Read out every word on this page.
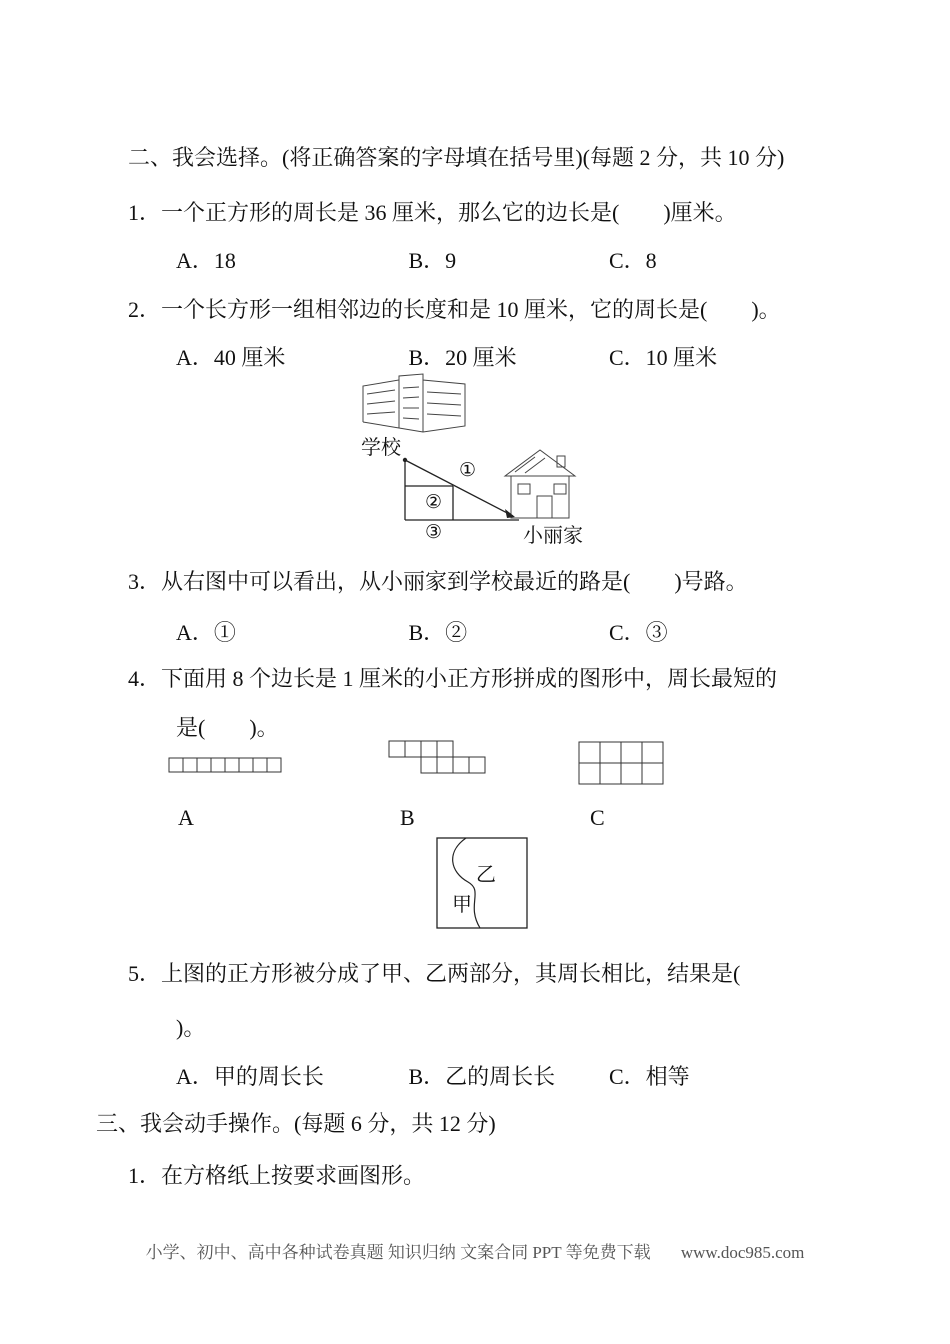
二、我会选择。(将正确答案的字母填在括号里)(每题 2 分，共 10 分)
1．一个正方形的周长是 36 厘米，那么它的边长是(　　)厘米。
A．18	B．9	C．8
2．一个长方形一组相邻边的长度和是 10 厘米，它的周长是(　　)。
A．40 厘米	B．20 厘米	C．10 厘米
学校
小丽家
①
②
③
3．从右图中可以看出，从小丽家到学校最近的路是(　　)号路。
A．①	B．②	C．③
4．下面用 8 个边长是 1 厘米的小正方形拼成的图形中，周长最短的
是(　　)。
A	B	C
乙
甲
5．上图的正方形被分成了甲、乙两部分，其周长相比，结果是(
)。
A．甲的周长长	B．乙的周长长 C．相等
三、我会动手操作。(每题 6 分，共 12 分)
1．在方格纸上按要求画图形。
小学、初中、高中各种试卷真题 知识归纳 文案合同 PPT 等免费下载 www.doc985.com
